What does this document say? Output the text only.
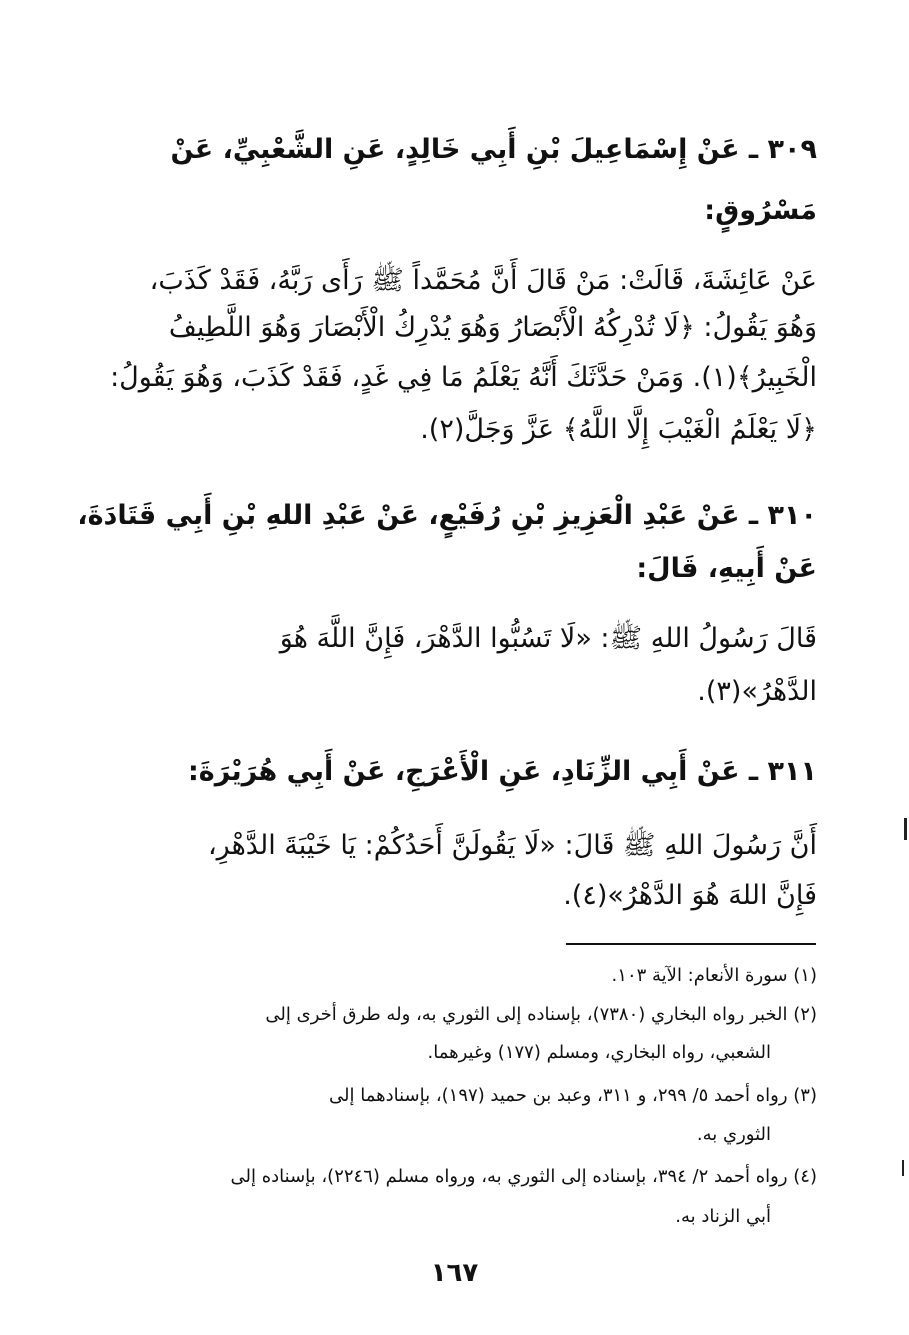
٣٠٩ ـ عَنْ إِسْمَاعِيلَ بْنِ أَبِي خَالِدٍ، عَنِ الشَّعْبِيِّ، عَنْ
مَسْرُوقٍ:
عَنْ عَائِشَةَ، قَالَتْ: مَنْ قَالَ أَنَّ مُحَمَّداً ﷺ رَأَى رَبَّهُ، فَقَدْ كَذَبَ،
وَهُوَ يَقُولُ: ﴿لَا تُدْرِكُهُ الْأَبْصَارُ وَهُوَ يُدْرِكُ الْأَبْصَارَ وَهُوَ اللَّطِيفُ
الْخَبِيرُ﴾(١). وَمَنْ حَدَّثَكَ أَنَّهُ يَعْلَمُ مَا فِي غَدٍ، فَقَدْ كَذَبَ، وَهُوَ يَقُولُ:
﴿لَا يَعْلَمُ الْغَيْبَ إِلَّا اللَّهُ﴾ عَزَّ وَجَلَّ(٢).
٣١٠ ـ عَنْ عَبْدِ الْعَزِيزِ بْنِ رُفَيْعٍ، عَنْ عَبْدِ اللهِ بْنِ أَبِي قَتَادَةَ،
عَنْ أَبِيهِ، قَالَ:
قَالَ رَسُولُ اللهِ ﷺ: «لَا تَسُبُّوا الدَّهْرَ، فَإِنَّ اللَّهَ هُوَ
الدَّهْرُ»(٣).
٣١١ ـ عَنْ أَبِي الزِّنَادِ، عَنِ الْأَعْرَجِ، عَنْ أَبِي هُرَيْرَةَ:
أَنَّ رَسُولَ اللهِ ﷺ قَالَ: «لَا يَقُولَنَّ أَحَدُكُمْ: يَا خَيْبَةَ الدَّهْرِ،
فَإِنَّ اللهَ هُوَ الدَّهْرُ»(٤).
(١) سورة الأنعام: الآية ١٠٣.
(٢) الخبر رواه البخاري (٧٣٨٠)، بإسناده إلى الثوري به، وله طرق أخرى إلى
الشعبي، رواه البخاري، ومسلم (١٧٧) وغيرهما.
(٣) رواه أحمد ٥/ ٢٩٩، و ٣١١، وعبد بن حميد (١٩٧)، بإسنادهما إلى
الثوري به.
(٤) رواه أحمد ٢/ ٣٩٤، بإسناده إلى الثوري به، ورواه مسلم (٢٢٤٦)، بإسناده إلى
أبي الزناد به.
١٦٧
